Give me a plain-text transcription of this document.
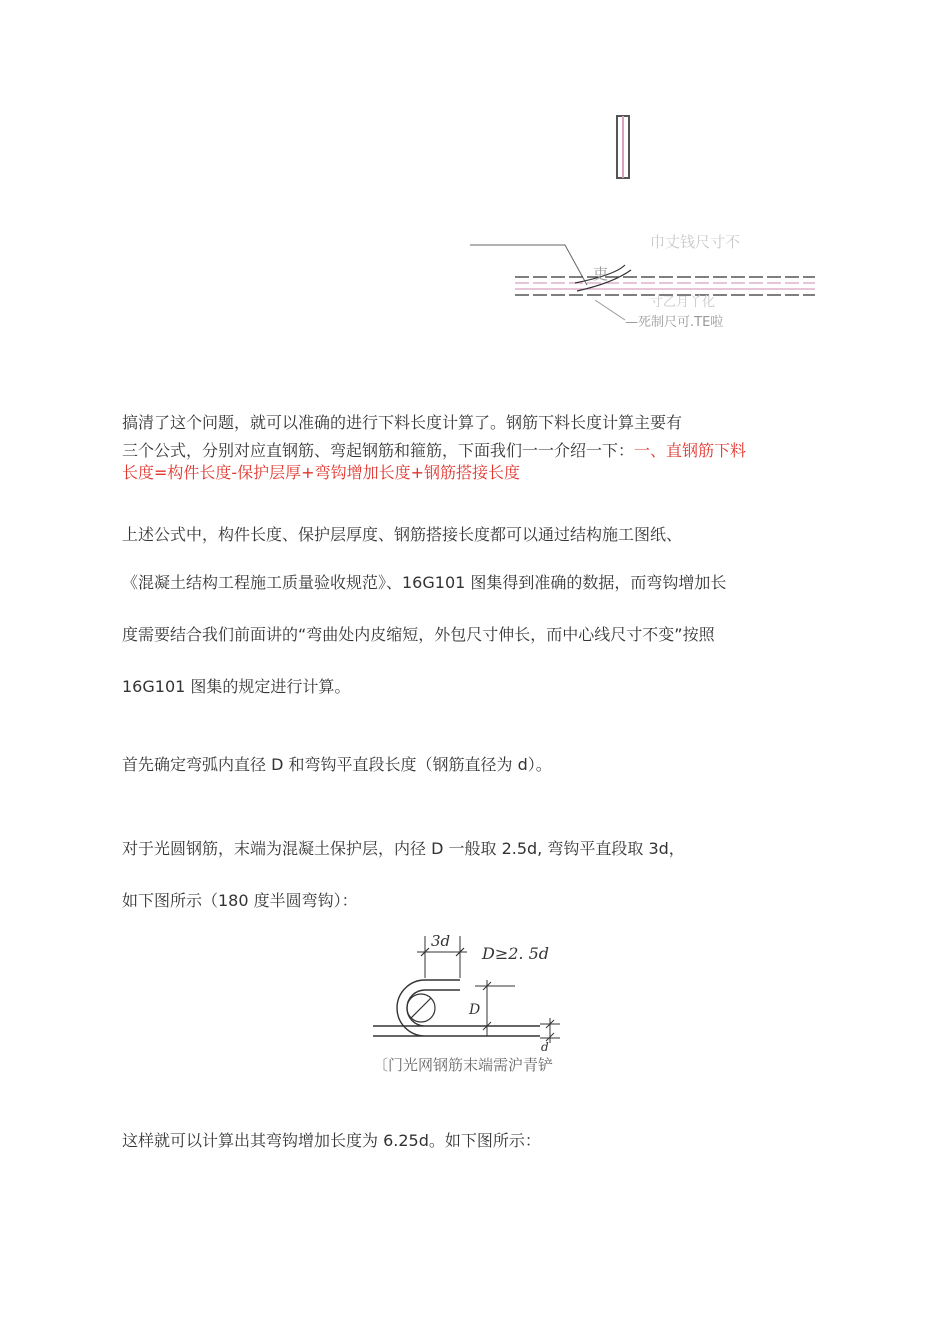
巾丈钱尺寸不
吏
寸乙月丫化
—死制尺可.TE啦
搞清了这个问题，就可以准确的进行下料长度计算了。钢筋下料长度计算主要有
三个公式，分别对应直钢筋、弯起钢筋和箍筋，下面我们一一介绍一下：一、直钢筋下料
长度=构件长度-保护层厚+弯钩增加长度+钢筋搭接长度
上述公式中，构件长度、保护层厚度、钢筋搭接长度都可以通过结构施工图纸、
《混凝土结构工程施工质量验收规范》、16G101 图集得到准确的数据，而弯钩增加长
度需要结合我们前面讲的“弯曲处内皮缩短，外包尺寸伸长，而中心线尺寸不变”按照
16G101 图集的规定进行计算。
首先确定弯弧内直径 D 和弯钩平直段长度（钢筋直径为 d）。
对于光圆钢筋，末端为混凝土保护层，内径 D 一般取 2.5d, 弯钩平直段取 3d，
如下图所示（180 度半圆弯钩）：
3d
D≥2. 5d
D
d
〔门光网钢筋末端需沪青铲
这样就可以计算出其弯钩增加长度为 6.25d。如下图所示：
